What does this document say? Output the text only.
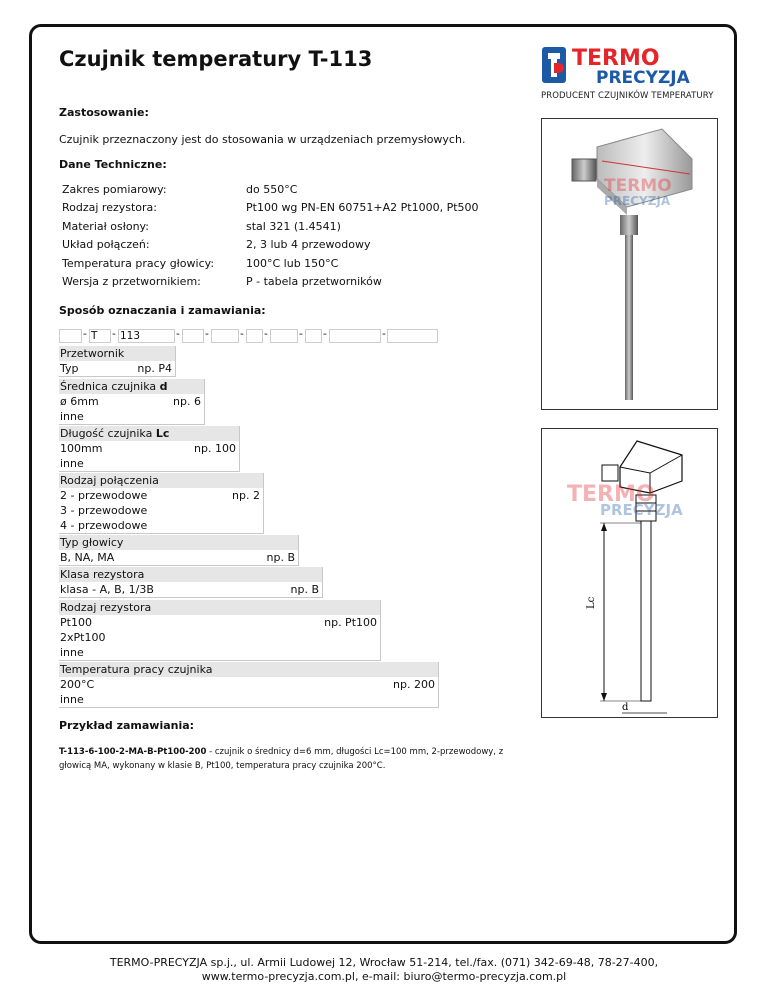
Czujnik temperatury T-113	TERMO
PRECYZJA
PRODUCENT CZUJNIKÓW TEMPERATURY
Zastosowanie:
Czujnik przeznaczony jest do stosowania w urządzeniach przemysłowych.
Dane Techniczne:
Zakres pomiarowy:	do 550°C
Rodzaj rezystora:	Pt100 wg PN-EN 60751+A2 Pt1000, Pt500
Materiał osłony:	stal 321 (1.4541)
Układ połączeń:	2, 3 lub 4 przewodowy
Temperatura pracy głowicy:	100°C lub 150°C
Wersja z przetwornikiem:	P - tabela przetworników
Sposób oznaczania i zamawiania:
- T	- 113	- -	- -	- -	-
Przetwornik
Typ	np. P4
Średnica czujnika d
ø 6mm	np. 6
inne
Długość czujnika Lc
100mm	np. 100
inne
Rodzaj połączenia
2 - przewodowe	np. 2
3 - przewodowe
4 - przewodowe
Typ głowicy
B, NA, MA	np. B
Klasa rezystora
klasa - A, B, 1/3B	np. B
Rodzaj rezystora
Pt100	np. Pt100
2xPt100
inne
Temperatura pracy czujnika
200°C	np. 200
inne
Przykład zamawiania:
T-113-6-100-2-MA-B-Pt100-200 - czujnik o średnicy d=6 mm, długości Lc=100 mm, 2-przewodowy, z głowicą MA, wykonany w klasie B, Pt100, temperatura pracy czujnika 200°C.
TERMO
PRECYZJA
Lc
d
TERMO
PRECYZJA
TERMO-PRECYZJA sp.j., ul. Armii Ludowej 12, Wrocław 51-214, tel./fax. (071) 342-69-48, 78-27-400,
www.termo-precyzja.com.pl, e-mail: biuro@termo-precyzja.com.pl
